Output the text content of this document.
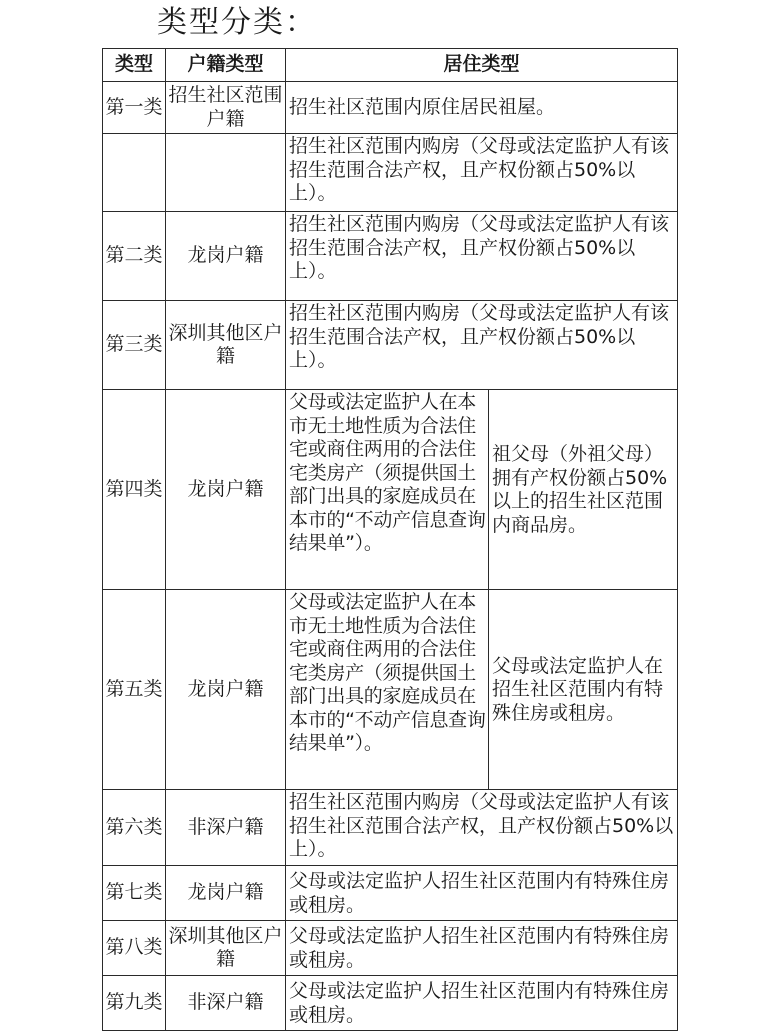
类型分类：
类型	户籍类型	居住类型	
第一类	招生社区范围户籍	招生社区范围内原住居民祖屋。	
		招生社区范围内购房（父母或法定监护人有该招生范围合法产权，且产权份额占50%以上）。	
第二类	龙岗户籍	招生社区范围内购房（父母或法定监护人有该招生范围合法产权，且产权份额占50%以上）。	
第三类	深圳其他区户籍	招生社区范围内购房（父母或法定监护人有该招生范围合法产权，且产权份额占50%以上）。	
第四类	龙岗户籍	父母或法定监护人在本市无土地性质为合法住宅或商住两用的合法住宅类房产（须提供国土部门出具的家庭成员在本市的“不动产信息查询结果单”）。	祖父母（外祖父母）拥有产权份额占50%以上的招生社区范围内商品房。
第五类	龙岗户籍	父母或法定监护人在本市无土地性质为合法住宅或商住两用的合法住宅类房产（须提供国土部门出具的家庭成员在本市的“不动产信息查询结果单”）。	父母或法定监护人在招生社区范围内有特殊住房或租房。
第六类	非深户籍	招生社区范围内购房（父母或法定监护人有该招生社区范围合法产权，且产权份额占50%以上）。	
第七类	龙岗户籍	父母或法定监护人招生社区范围内有特殊住房或租房。	
第八类	深圳其他区户籍	父母或法定监护人招生社区范围内有特殊住房或租房。	
第九类	非深户籍	父母或法定监护人招生社区范围内有特殊住房或租房。	
